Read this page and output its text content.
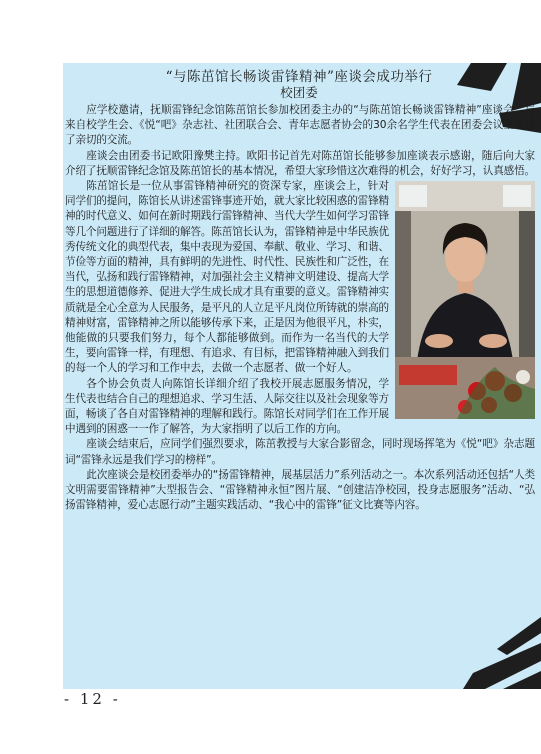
“与陈茁馆长畅谈雷锋精神”座谈会成功举行
校团委

应学校邀请，抚顺雷锋纪念馆陈茁馆长参加校团委主办的“与陈茁馆长畅谈雷锋精神”座谈会，与来自校学生会、《悦“吧》杂志社、社团联合会、青年志愿者协会的30余名学生代表在团委会议室进行了亲切的交流。

座谈会由团委书记欧阳豫樊主持。欧阳书记首先对陈茁馆长能够参加座谈表示感谢，随后向大家介绍了抚顺雷锋纪念馆及陈茁馆长的基本情况，希望大家珍惜这次难得的机会，好好学习，认真感悟。

陈茁馆长是一位从事雷锋精神研究的资深专家，座谈会上，针对同学们的提问，陈馆长从讲述雷锋事迹开始，就大家比较困惑的雷锋精神的时代意义、如何在新时期践行雷锋精神、当代大学生如何学习雷锋等几个问题进行了详细的解答。陈茁馆长认为，雷锋精神是中华民族优秀传统文化的典型代表，集中表现为爱国、奉献、敬业、学习、和谐、节俭等方面的精神，具有鲜明的先进性、时代性、民族性和广泛性，在当代，弘扬和践行雷锋精神，对加强社会主义精神文明建设、提高大学生的思想道德修养、促进大学生成长成才具有重要的意义。雷锋精神实质就是全心全意为人民服务，是平凡的人立足平凡岗位所铸就的崇高的精神财富，雷锋精神之所以能够传承下来，正是因为他很平凡，朴实，他能做的只要我们努力，每个人都能够做到。而作为一名当代的大学生，要向雷锋一样，有理想、有追求、有目标，把雷锋精神融入到我们的每一个人的学习和工作中去，去做一个志愿者、做一个好人。

各个协会负责人向陈馆长详细介绍了我校开展志愿服务情况，学生代表也结合自己的理想追求、学习生活、人际交往以及社会现象等方面，畅谈了各自对雷锋精神的理解和践行。陈馆长对同学们在工作开展中遇到的困惑一一作了解答，为大家指明了以后工作的方向。

座谈会结束后，应同学们强烈要求，陈茁教授与大家合影留念，同时现场挥笔为《悦“吧》杂志题词“雷锋永远是我们学习的榜样”。

此次座谈会是校团委举办的“扬雷锋精神，展基层活力”系列活动之一。本次系列活动还包括“人类文明需要雷锋精神”大型报告会、“雷锋精神永恒”图片展、“创建洁净校园，投身志愿服务”活动、“弘扬雷锋精神，爱心志愿行动”主题实践活动、“我心中的雷锋”征文比赛等内容。

- 12 -
